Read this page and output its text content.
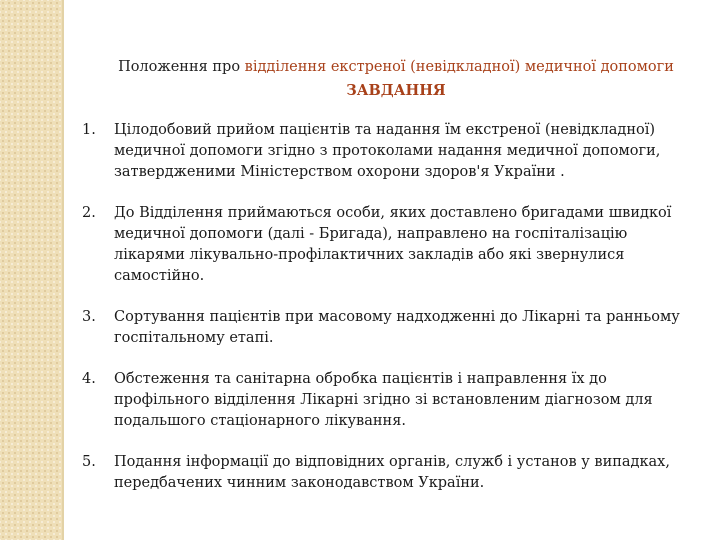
Положення про відділення екстреної (невідкладної) медичної допомоги
ЗАВДАННЯ
1.	Цілодобовий прийом пацієнтів та надання їм екстреної (невідкладної) медичної допомоги згідно з протоколами надання медичної допомоги, затвердженими Міністерством охорони здоров'я України .
2.	До Відділення приймаються особи, яких доставлено бригадами швидкої медичної допомоги (далі - Бригада), направлено на госпіталізацію лікарями лікувально-профілактичних закладів або які звернулися самостійно.
3.	Сортування пацієнтів при масовому надходженні до Лікарні та ранньому госпітальному етапі.
4.	Обстеження та санітарна обробка пацієнтів і направлення їх до профільного відділення Лікарні згідно зі встановленим діагнозом для подальшого стаціонарного лікування.
5.	Подання інформації до відповідних органів, служб і установ у випадках, передбачених чинним законодавством України.
